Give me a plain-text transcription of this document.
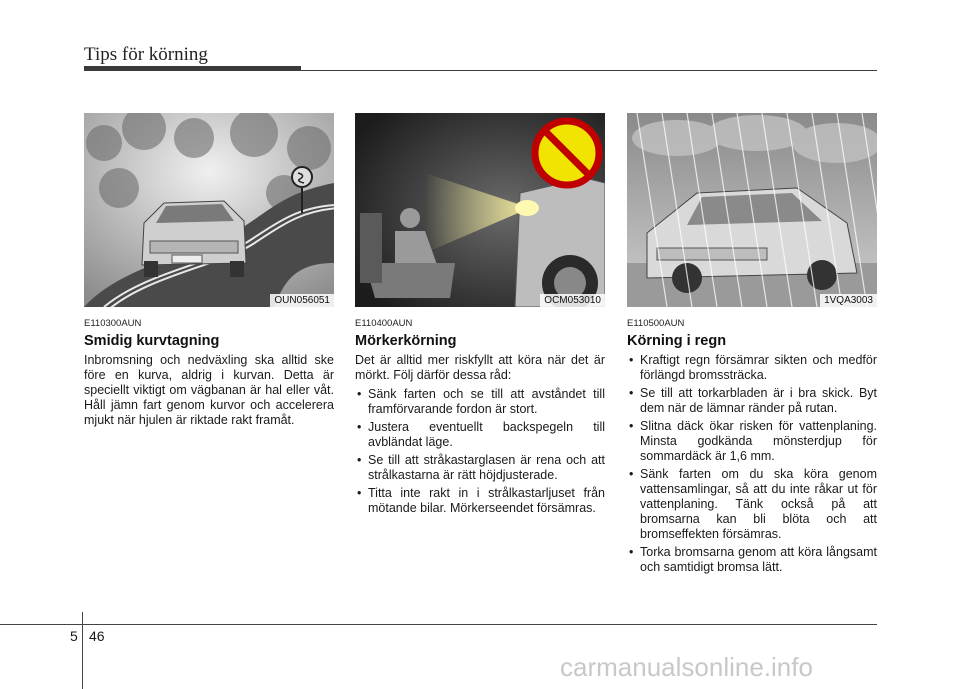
Tips för körning
OUN056051	OCM053010	1VQA3003
E110300AUN
Smidig kurvtagning

Inbromsning och nedväxling ska alltid ske före en kurva, aldrig i kurvan. Detta är speciellt viktigt om vägbanan är hal eller våt. Håll jämn fart genom kurvor och accelerera mjukt när hjulen är riktade rakt framåt.

E110400AUN
Mörkerkörning

Det är alltid mer riskfyllt att köra när det är mörkt. Följ därför dessa råd:

• Sänk farten och se till att avståndet till framförvarande fordon är stort.
• Justera eventuellt backspegeln till avbländat läge.
• Se till att stråkastarglasen är rena och att strålkastarna är rätt höjdjusterade.
• Titta inte rakt in i strålkastarljuset från mötande bilar. Mörkerseendet försämras.
E110500AUN
Körning i regn
• Kraftigt regn försämrar sikten och medför förlängd bromssträcka.
• Se till att torkarbladen är i bra skick. Byt dem när de lämnar ränder på rutan.
• Slitna däck ökar risken för vattenplaning. Minsta godkända mönsterdjup för sommardäck är 1,6 mm.
• Sänk farten om du ska köra genom vattensamlingar, så att du inte råkar ut för vattenplaning. Tänk också på att bromsarna kan bli blöta och att bromseffekten försämras.
• Torka bromsarna genom att köra långsamt och samtidigt bromsa lätt.
5 46
carmanualsonline.info
